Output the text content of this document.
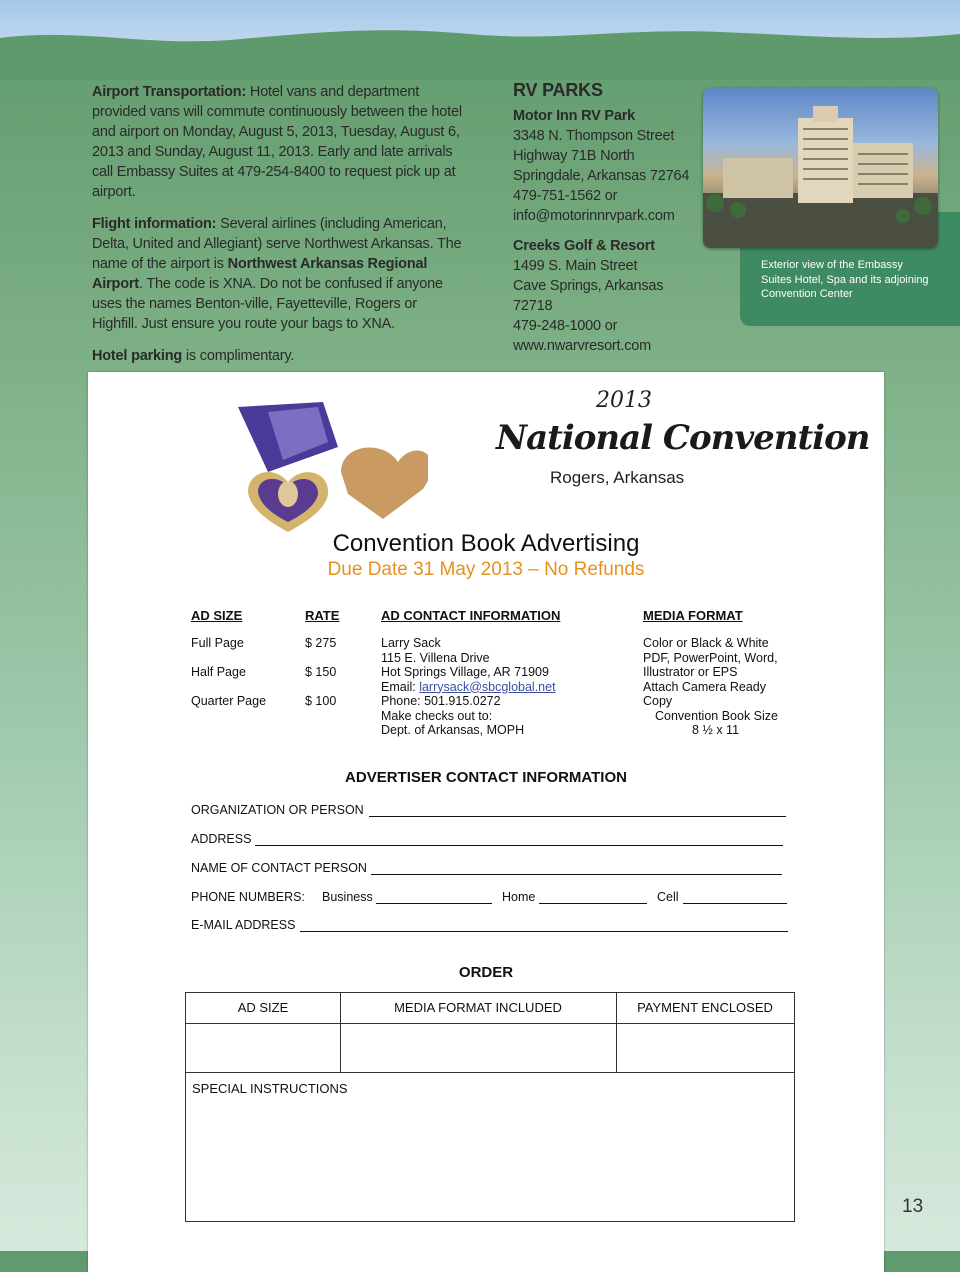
Airport Transportation: Hotel vans and department provided vans will commute continuously between the hotel and airport on Monday, August 5, 2013, Tuesday, August 6, 2013 and Sunday, August 11, 2013. Early and late arrivals call Embassy Suites at 479-254-8400 to request pick up at airport.

Flight information: Several airlines (including American, Delta, United and Allegiant) serve Northwest Arkansas. The name of the airport is Northwest Arkansas Regional Airport. The code is XNA. Do not be confused if anyone uses the names Benton-ville, Fayetteville, Rogers or Highfill. Just ensure you route your bags to XNA.

Hotel parking is complimentary.

RV PARKS

Motor Inn RV Park

3348 N. Thompson Street

Highway 71B North

Springdale, Arkansas 72764

479-751-1562 or

info@motorinnrvpark.com

Creeks Golf & Resort

1499 S. Main Street

Cave Springs, Arkansas 72718

479-248-1000 or

www.nwarvresort.com

Exterior view of the Embassy Suites Hotel, Spa and its adjoining Convention Center
2013
National Convention
Rogers, Arkansas
Convention Book Advertising
Due Date 31 May 2013 – No Refunds
AD SIZE	RATE	AD CONTACT INFORMATION	MEDIA FORMAT
Full Page	$ 275
Half Page	$ 150
Quarter Page	$ 100
Larry Sack
115 E. Villena Drive
Hot Springs Village, AR 71909
Email: larrysack@sbcglobal.net
Phone: 501.915.0272
Make checks out to:
Dept. of Arkansas, MOPH
Color or Black & White
PDF, PowerPoint, Word,
Illustrator or EPS
Attach Camera Ready
Copy
Convention Book Size
8 ½ x 11
ADVERTISER CONTACT INFORMATION
ORGANIZATION OR PERSON
ADDRESS
NAME OF CONTACT PERSON
PHONE NUMBERS: Business	Home	Cell
E-MAIL ADDRESS
ORDER
AD SIZE	MEDIA FORMAT INCLUDED	PAYMENT ENCLOSED
SPECIAL INSTRUCTIONS
13
